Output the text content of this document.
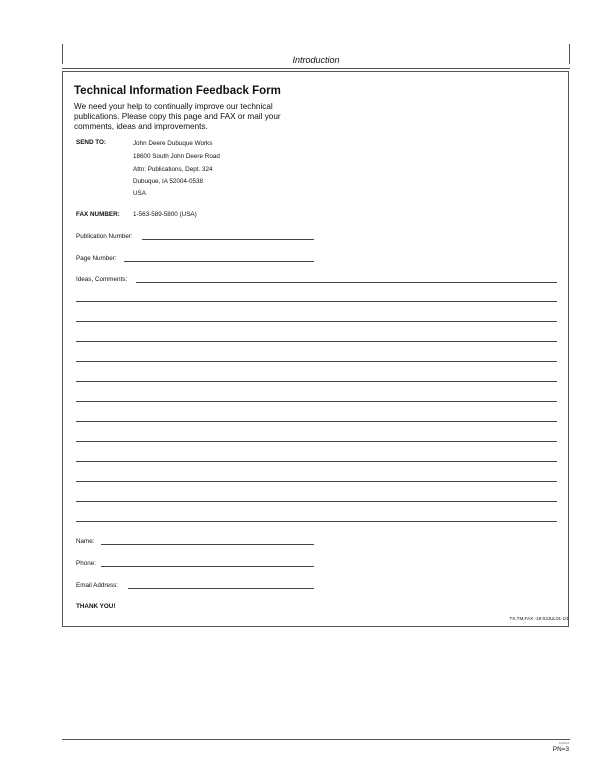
Introduction
Technical Information Feedback Form
We need your help to continually improve our technical
publications. Please copy this page and FAX or mail your
comments, ideas and improvements.
SEND TO:	John Deere Dubuque Works
18600 South John Deere Road
Attn: Publications, Dept. 324
Dubuque, IA 52004-0538
USA
FAX NUMBER: 1-563-589-5800 (USA)
Publication Number:
Page Number:
Ideas, Comments:
Name:
Phone:
Email Address:
THANK YOU!
TX,TM,FAX -19-03JUL01-1/1
101612
PN=3
